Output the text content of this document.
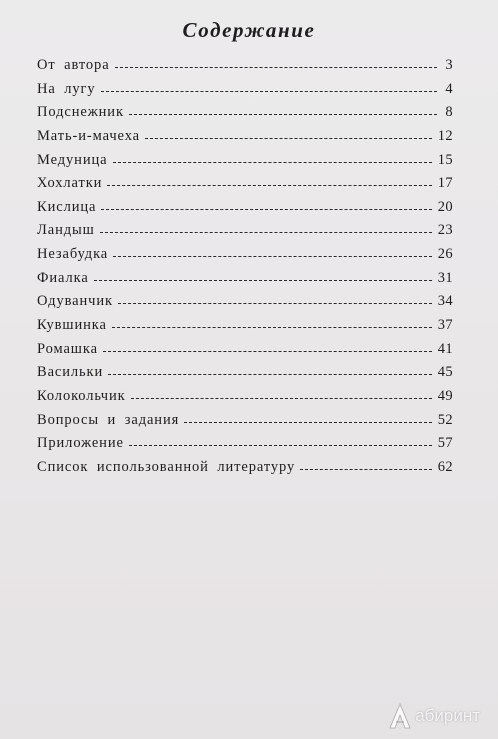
Содержание
От автора	3
На лугу	4
Подснежник	8
Мать-и-мачеха	12
Медуница	15
Хохлатки	17
Кислица	20
Ландыш	23
Незабудка	26
Фиалка	31
Одуванчик	34
Кувшинка	37
Ромашка	41
Васильки	45
Колокольчик	49
Вопросы и задания	52
Приложение	57
Список использованной литературу	62
абиринт
